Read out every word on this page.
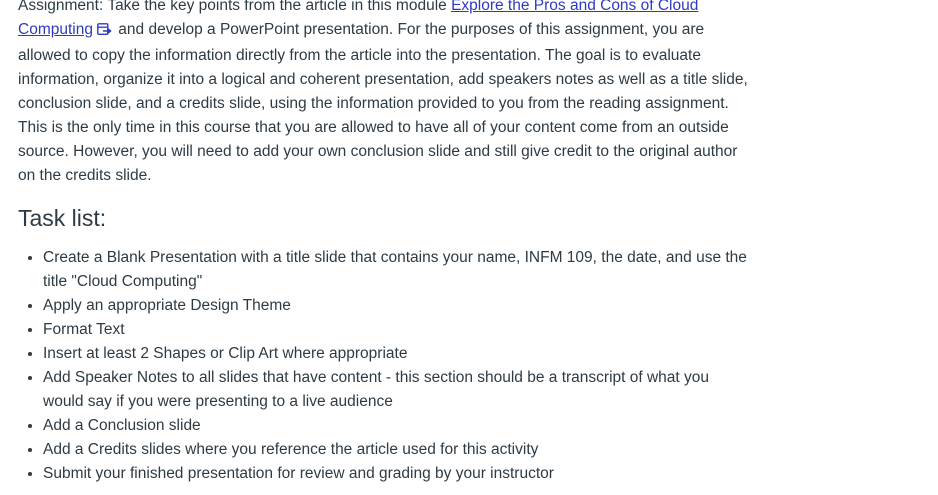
Assignment: Take the key points from the article in this module Explore the Pros and Cons of Cloud Computing and develop a PowerPoint presentation. For the purposes of this assignment, you are allowed to copy the information directly from the article into the presentation. The goal is to evaluate information, organize it into a logical and coherent presentation, add speakers notes as well as a title slide, conclusion slide, and a credits slide, using the information provided to you from the reading assignment. This is the only time in this course that you are allowed to have all of your content come from an outside source. However, you will need to add your own conclusion slide and still give credit to the original author on the credits slide.

Task list:
• Create a Blank Presentation with a title slide that contains your name, INFM 109, the date, and use the title "Cloud Computing"
• Apply an appropriate Design Theme
• Format Text
• Insert at least 2 Shapes or Clip Art where appropriate
• Add Speaker Notes to all slides that have content - this section should be a transcript of what you would say if you were presenting to a live audience
• Add a Conclusion slide
• Add a Credits slides where you reference the article used for this activity
• Submit your finished presentation for review and grading by your instructor
